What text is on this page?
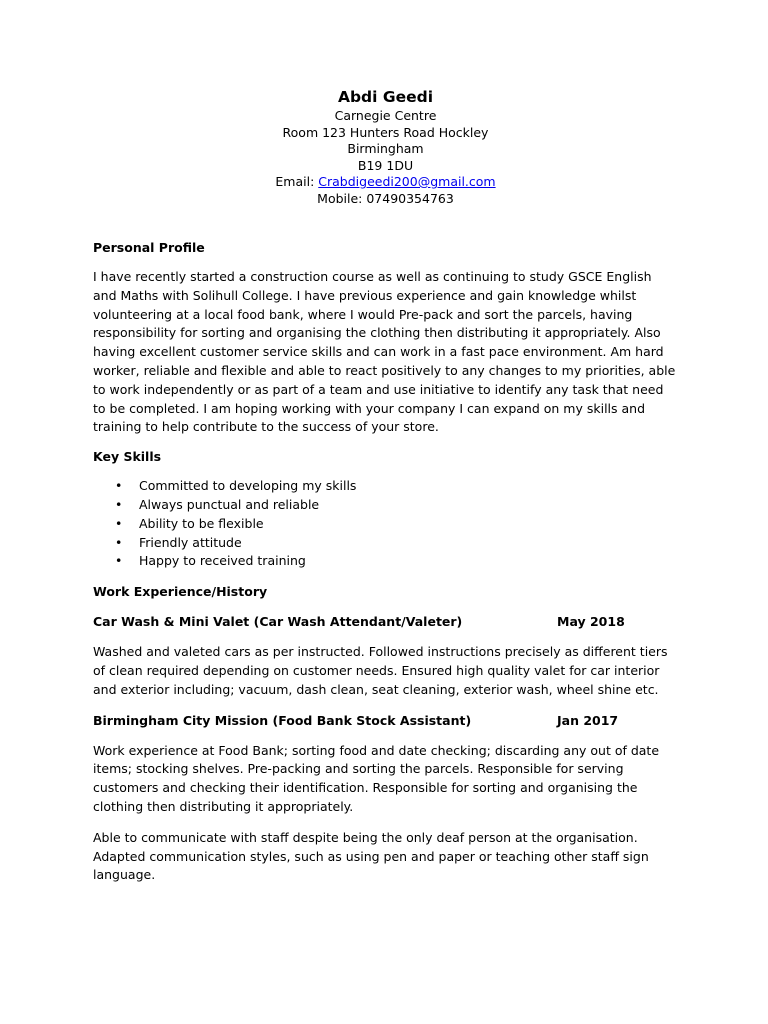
Abdi Geedi
Carnegie Centre
Room 123 Hunters Road Hockley
Birmingham
B19 1DU
Email: Crabdigeedi200@gmail.com
Mobile: 07490354763
Personal Profile

I have recently started a construction course as well as continuing to study GSCE English and Maths with Solihull College. I have previous experience and gain knowledge whilst volunteering at a local food bank, where I would Pre-pack and sort the parcels, having responsibility for sorting and organising the clothing then distributing it appropriately. Also having excellent customer service skills and can work in a fast pace environment. Am hard worker, reliable and flexible and able to react positively to any changes to my priorities, able to work independently or as part of a team and use initiative to identify any task that need to be completed. I am hoping working with your company I can expand on my skills and training to help contribute to the success of your store.

Key Skills
• Committed to developing my skills
• Always punctual and reliable
• Ability to be flexible
• Friendly attitude
• Happy to received training
Work Experience/History
Car Wash & Mini Valet (Car Wash Attendant/Valeter)	May 2018

Washed and valeted cars as per instructed. Followed instructions precisely as different tiers of clean required depending on customer needs. Ensured high quality valet for car interior and exterior including; vacuum, dash clean, seat cleaning, exterior wash, wheel shine etc.

Birmingham City Mission (Food Bank Stock Assistant)	Jan 2017

Work experience at Food Bank; sorting food and date checking; discarding any out of date items; stocking shelves. Pre-packing and sorting the parcels. Responsible for serving customers and checking their identification. Responsible for sorting and organising the clothing then distributing it appropriately.

Able to communicate with staff despite being the only deaf person at the organisation. Adapted communication styles, such as using pen and paper or teaching other staff sign language.
